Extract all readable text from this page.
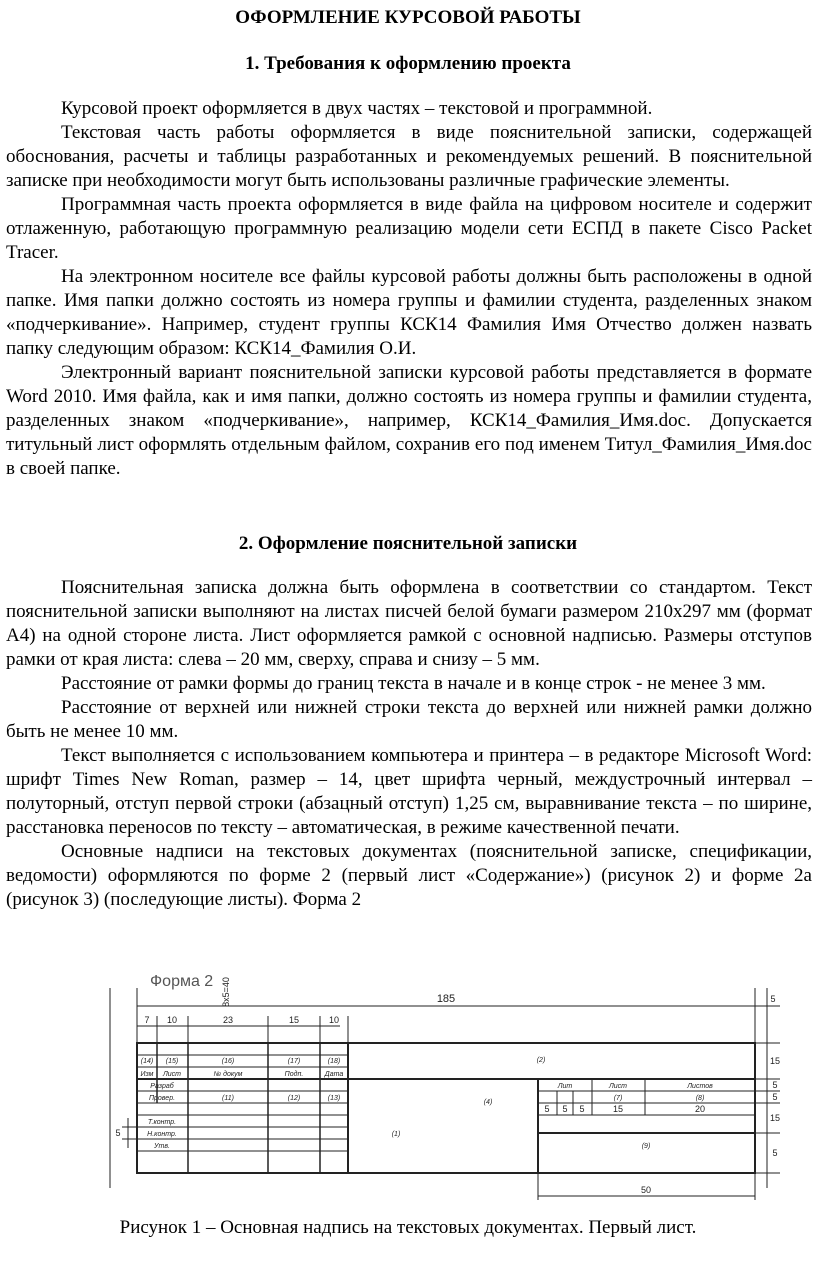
ОФОРМЛЕНИЕ КУРСОВОЙ РАБОТЫ
1. Требования к оформлению проекта

Курсовой проект оформляется в двух частях – текстовой и программной.

Текстовая часть работы оформляется в виде пояснительной записки, содержащей обоснования, расчеты и таблицы разработанных и рекомендуемых решений. В пояснительной записке при необходимости могут быть использованы различные графические элементы.

Программная часть проекта оформляется в виде файла на цифровом носителе и содержит отлаженную, работающую программную реализацию модели сети ЕСПД в пакете Cisco Packet Tracer.

На электронном носителе все файлы курсовой работы должны быть расположены в одной папке. Имя папки должно состоять из номера группы и фамилии студента, разделенных знаком «подчеркивание». Например, студент группы КСК14 Фамилия Имя Отчество должен назвать папку следующим образом: КСК14_Фамилия О.И.

Электронный вариант пояснительной записки курсовой работы представляется в формате Word 2010. Имя файла, как и имя папки, должно состоять из номера группы и фамилии студента, разделенных знаком «подчеркивание», например, КСК14_Фамилия_Имя.doc. Допускается титульный лист оформлять отдельным файлом, сохранив его под именем Титул_Фамилия_Имя.doc в своей папке.

2. Оформление пояснительной записки

Пояснительная записка должна быть оформлена в соответствии со стандартом. Текст пояснительной записки выполняют на листах писчей белой бумаги размером 210х297 мм (формат А4) на одной стороне листа. Лист оформляется рамкой с основной надписью. Размеры отступов рамки от края листа: слева – 20 мм, сверху, справа и снизу – 5 мм.

Расстояние от рамки формы до границ текста в начале и в конце строк - не менее 3 мм.

Расстояние от верхней или нижней строки текста до верхней или нижней рамки должно быть не менее 10 мм.

Текст выполняется с использованием компьютера и принтера – в редакторе Microsoft Word: шрифт Times New Roman, размер – 14, цвет шрифта черный, междустрочный интервал – полуторный, отступ первой строки (абзацный отступ) 1,25 см, выравнивание текста – по ширине, расстановка переносов по тексту – автоматическая, в режиме качественной печати.

Основные надписи на текстовых документах (пояснительной записке, спецификации, ведомости) оформляются по форме 2 (первый лист «Содержание») (рисунок 2) и форме 2а (рисунок 3) (последующие листы). Форма 2

Форма 2
185	5
7 10	23	15	10
8х5=40
15
5
5
15
5
5
5 5 5	15	20
50
(14) (15)	(16)	(17)	(18)
Изм Лист	№ докум	Подп.	Дата
Разраб
Провер.	(11)	(12)	(13)
Т.контр.
Н.контр.
Утв.
(1)
(2)
(4)
(9)
Лит	Лист	Листов
(7)	(8)
Рисунок 1 – Основная надпись на текстовых документах. Первый лист.
